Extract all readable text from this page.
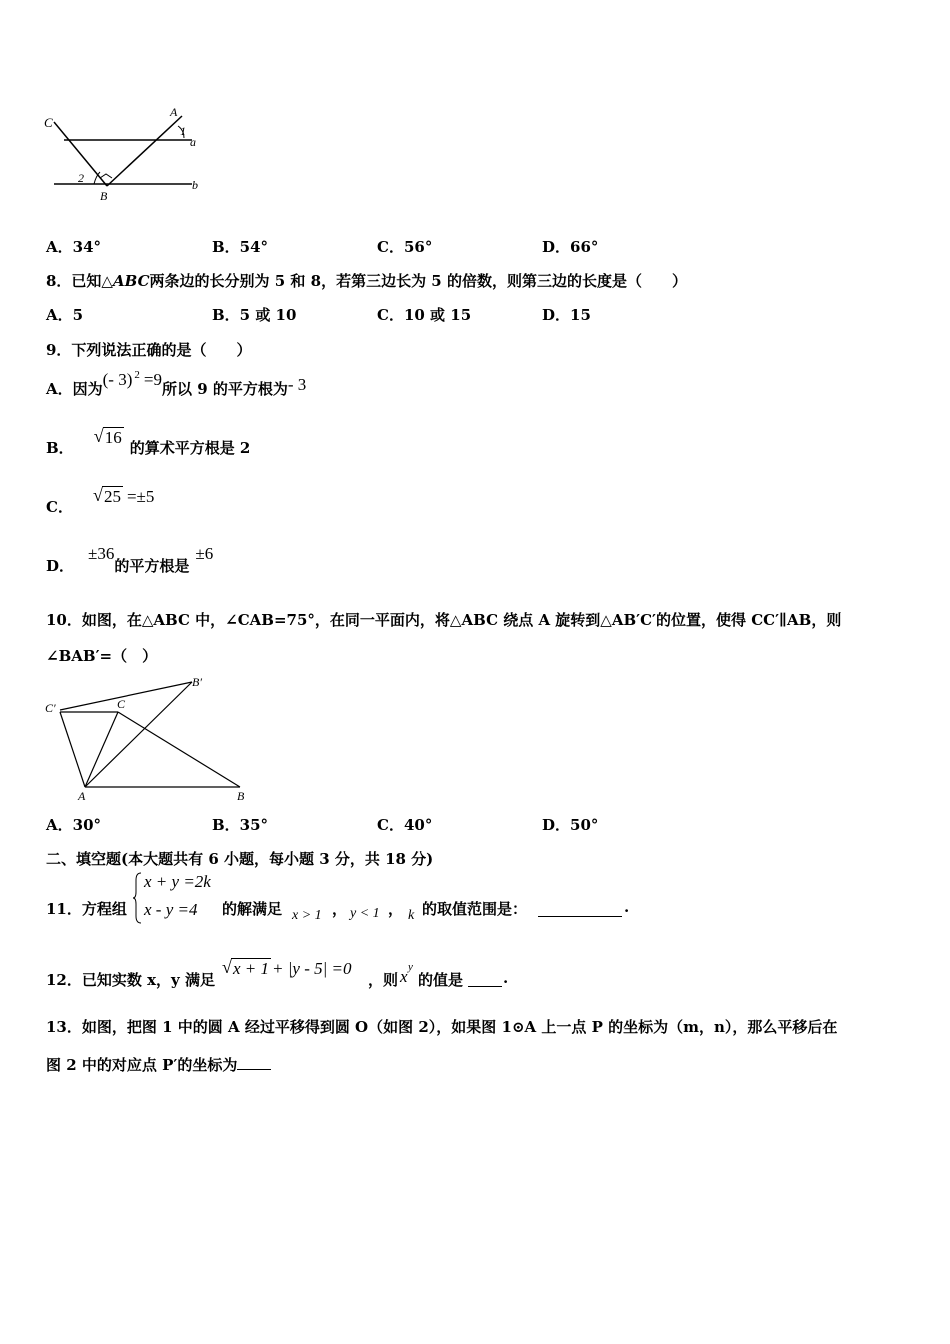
C
A
1
a
2
B
b
A．34°	B．54°	C．56°	D．66°
8．已知△ABC两条边的长分别为 5 和 8，若第三边长为 5 的倍数，则第三边的长度是（　　）
A．5	B．5 或 10	C．10 或 15	D．15
9．下列说法正确的是（　　）
A．因为(- 3) $^2$ =9所以 9 的平方根为- 3
B．
√ 16的算术平方根是 2
C．
√ 25 =±5
D．±36的平方根是±6
10．如图，在△ABC 中，∠CAB=75°，在同一平面内，将△ABC 绕点 A 旋转到△AB′C′的位置，使得 CC′∥AB，则
∠BAB′=（　）
C′	C
B′
A	B
A．30°	B．35°	C．40°	D．50°
二、填空题(本大题共有 6 小题，每小题 3 分，共 18 分)
11．方程组
x + y =2k
x - y =4 的解满足 x > 1 ， y < 1 ， k 的取值范围是：	.
12．已知实数 x，y 满足
√ x + 1 + |y - 5| =0
，则 x y
的值是	.
13．如图，把图 1 中的圆 A 经过平移得到圆 O（如图 2），如果图 1⊙A 上一点 P 的坐标为（m，n），那么平移后在
图 2 中的对应点 P′的坐标为
